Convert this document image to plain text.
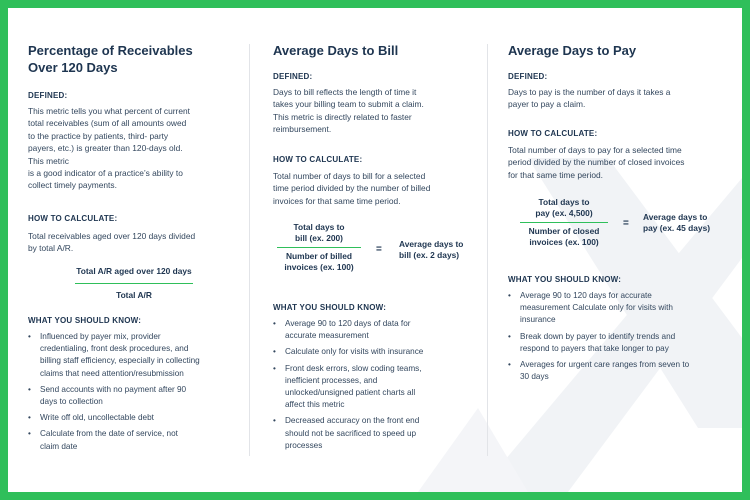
Percentage of Receivables
Over 120 Days
DEFINED:

This metric tells you what percent of current
total receivables (sum of all amounts owed
to the practice by patients, third- party
payers, etc.) is greater than 120-days old.
This metric
is a good indicator of a practice’s ability to
collect timely payments.

HOW TO CALCULATE:

Total receivables aged over 120 days divided
by total A/R.

Total A/R aged over 120 days
Total A/R
WHAT YOU SHOULD KNOW:
• Influenced by payer mix, provider
credentialing, front desk procedures, and
billing staff efficiency, especially in collecting
claims that need attention/resubmission
• Send accounts with no payment after 90
days to collection
• Write off old, uncollectable debt
• Calculate from the date of service, not
claim date
Average Days to Bill
DEFINED:

Days to bill reflects the length of time it
takes your billing team to submit a claim.
This metric is directly related to faster
reimbursement.

HOW TO CALCULATE:

Total number of days to bill for a selected
time period divided by the number of billed
invoices for that same time period.

Total days to
bill (ex. 200)
Number of billed
invoices (ex. 100)
= Average days to
bill (ex. 2 days)
WHAT YOU SHOULD KNOW:
• Average 90 to 120 days of data for
accurate measurement
• Calculate only for visits with insurance
• Front desk errors, slow coding teams,
inefficient processes, and
unlocked/unsigned patient charts all
affect this metric
• Decreased accuracy on the front end
should not be sacrificed to speed up
processes
Average Days to Pay
DEFINED:

Days to pay is the number of days it takes a
payer to pay a claim.

HOW TO CALCULATE:

Total number of days to pay for a selected time
period divided by the number of closed invoices
for that same time period.

Total days to
pay (ex. 4,500)
Number of closed
invoices (ex. 100)
=
Average days to
pay (ex. 45 days)
WHAT YOU SHOULD KNOW:
• Average 90 to 120 days for accurate
measurement Calculate only for visits with
insurance
• Break down by payer to identify trends and
respond to payers that take longer to pay
• Averages for urgent care ranges from seven to
30 days
